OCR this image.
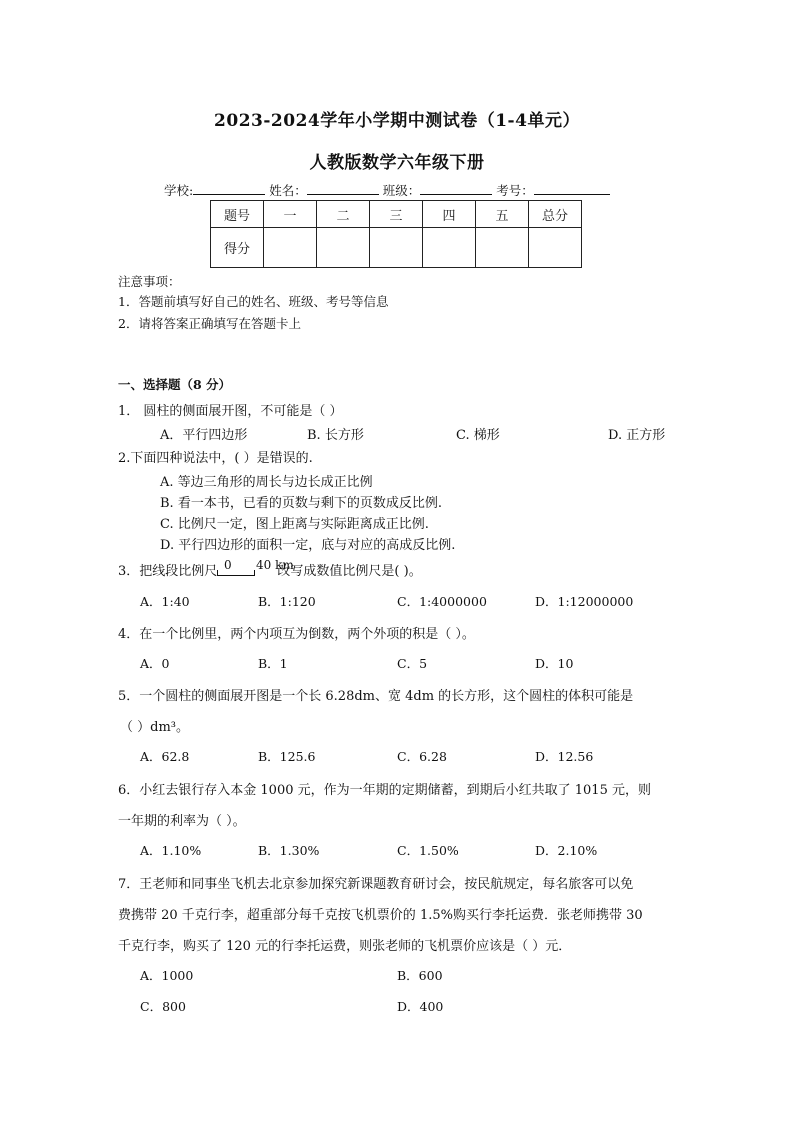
2023-2024学年小学期中测试卷（1-4单元）
人教版数学六年级下册
学校:	姓名：	班级：	考号：
题号	一	二	三	四	五	总分
得分						
注意事项：
1．答题前填写好自己的姓名、班级、考号等信息
2．请将答案正确填写在答题卡上
一、选择题（8 分）
1． 圆柱的侧面展开图，不可能是（ ）
A．平行四边形	B. 长方形	C. 梯形	D. 正方形
2.下面四种说法中，( ）是错误的.
A. 等边三角形的周长与边长成正比例
B. 看一本书，已看的页数与剩下的页数成反比例.
C. 比例尺一定，图上距离与实际距离成正比例.
D. 平行四边形的面积一定，底与对应的高成反比例.
3．把线段比例尺
0 40 km
改写成数值比例尺是( )。
A．1:40	B．1:120	C．1:4000000	D．1:12000000
4．在一个比例里，两个内项互为倒数，两个外项的积是（ ）。
A．0	B．1	C．5	D．10
5．一个圆柱的侧面展开图是一个长 6.28dm、宽 4dm 的长方形，这个圆柱的体积可能是
（ ）dm³。
A．62.8	B．125.6	C．6.28	D．12.56
6．小红去银行存入本金 1000 元，作为一年期的定期储蓄，到期后小红共取了 1015 元，则
一年期的利率为（ ）。
A．1.10%	B．1.30%	C．1.50%	D．2.10%
7．王老师和同事坐飞机去北京参加探究新课题教育研讨会，按民航规定，每名旅客可以免
费携带 20 千克行李，超重部分每千克按飞机票价的 1.5%购买行李托运费．张老师携带 30
千克行李，购买了 120 元的行李托运费，则张老师的飞机票价应该是（ ）元．
A．1000	B．600
C．800	D．400
